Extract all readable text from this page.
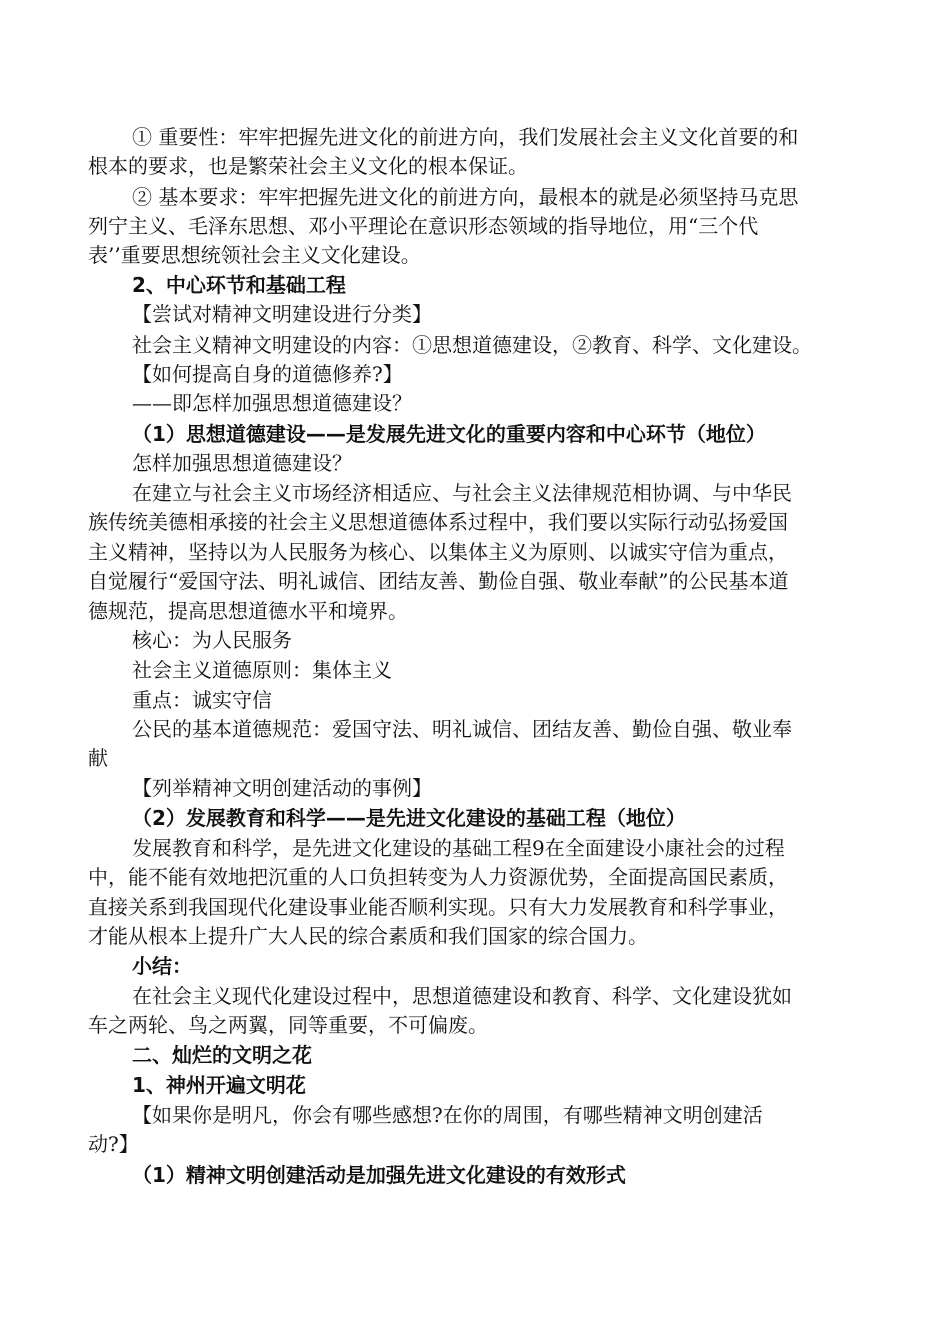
① 重要性：牢牢把握先进文化的前进方向，我们发展社会主义文化首要的和

根本的要求，也是繁荣社会主义文化的根本保证。

② 基本要求：牢牢把握先进文化的前进方向，最根本的就是必须坚持马克思

列宁主义、毛泽东思想、邓小平理论在意识形态领域的指导地位，用“三个代

表’’重要思想统领社会主义文化建设。

2、中心环节和基础工程

【尝试对精神文明建设进行分类】

社会主义精神文明建设的内容：①思想道德建设，②教育、科学、文化建设。

【如何提高自身的道德修养?】

——即怎样加强思想道德建设？

（1）思想道德建设——是发展先进文化的重要内容和中心环节（地位）

怎样加强思想道德建设？

在建立与社会主义市场经济相适应、与社会主义法律规范相协调、与中华民

族传统美德相承接的社会主义思想道德体系过程中，我们要以实际行动弘扬爱国

主义精神，坚持以为人民服务为核心、以集体主义为原则、以诚实守信为重点，

自觉履行“爱国守法、明礼诚信、团结友善、勤俭自强、敬业奉献”的公民基本道

德规范，提高思想道德水平和境界。

核心：为人民服务

社会主义道德原则：集体主义

重点：诚实守信

公民的基本道德规范：爱国守法、明礼诚信、团结友善、勤俭自强、敬业奉

献

【列举精神文明创建活动的事例】

（2）发展教育和科学——是先进文化建设的基础工程（地位）

发展教育和科学，是先进文化建设的基础工程9在全面建设小康社会的过程

中，能不能有效地把沉重的人口负担转变为人力资源优势，全面提高国民素质，

直接关系到我国现代化建设事业能否顺利实现。只有大力发展教育和科学事业，

才能从根本上提升广大人民的综合素质和我们国家的综合国力。

小结：

在社会主义现代化建设过程中，思想道德建设和教育、科学、文化建设犹如

车之两轮、鸟之两翼，同等重要，不可偏废。

二、灿烂的文明之花

1、神州开遍文明花

【如果你是明凡，你会有哪些感想?在你的周围，有哪些精神文明创建活

动?】

（1）精神文明创建活动是加强先进文化建设的有效形式
